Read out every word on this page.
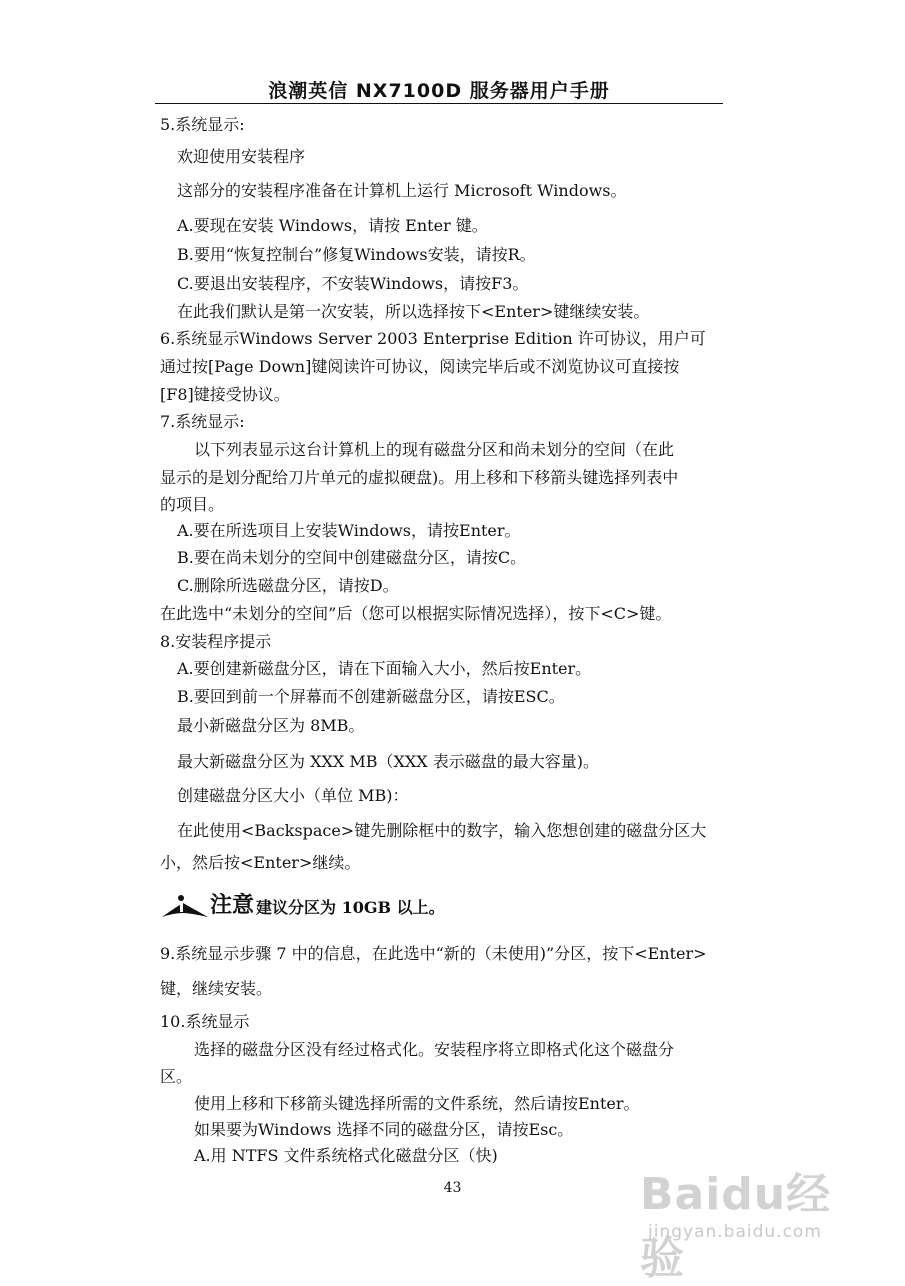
浪潮英信 NX7100D 服务器用户手册
5.系统显示:
欢迎使用安装程序
这部分的安装程序准备在计算机上运行 Microsoft Windows。
A.要现在安装 Windows，请按 Enter 键。
B.要用“恢复控制台”修复Windows安装，请按R。
C.要退出安装程序，不安装Windows，请按F3。
在此我们默认是第一次安装，所以选择按下<Enter>键继续安装。
6.系统显示Windows Server 2003 Enterprise Edition 许可协议，用户可
通过按[Page Down]键阅读许可协议，阅读完毕后或不浏览协议可直接按
[F8]键接受协议。
7.系统显示:
以下列表显示这台计算机上的现有磁盘分区和尚未划分的空间（在此
显示的是划分配给刀片单元的虚拟硬盘)。用上移和下移箭头键选择列表中
的项目。
A.要在所选项目上安装Windows，请按Enter。
B.要在尚未划分的空间中创建磁盘分区，请按C。
C.删除所选磁盘分区，请按D。
在此选中“未划分的空间”后（您可以根据实际情况选择），按下<C>键。
8.安装程序提示
A.要创建新磁盘分区，请在下面输入大小，然后按Enter。
B.要回到前一个屏幕而不创建新磁盘分区，请按ESC。
最小新磁盘分区为 8MB。
最大新磁盘分区为 XXX MB（XXX 表示磁盘的最大容量)。
创建磁盘分区大小（单位 MB)：
在此使用<Backspace>键先删除框中的数字，输入您想创建的磁盘分区大
小，然后按<Enter>继续。
9.系统显示步骤 7 中的信息，在此选中“新的（未使用)”分区，按下<Enter>
键，继续安装。
10.系统显示
选择的磁盘分区没有经过格式化。安装程序将立即格式化这个磁盘分
区。
使用上移和下移箭头键选择所需的文件系统，然后请按Enter。
如果要为Windows 选择不同的磁盘分区，请按Esc。
A.用 NTFS 文件系统格式化磁盘分区（快)
注意 建议分区为 10GB 以上。
43	Baidu经验
jingyan.baidu.com
